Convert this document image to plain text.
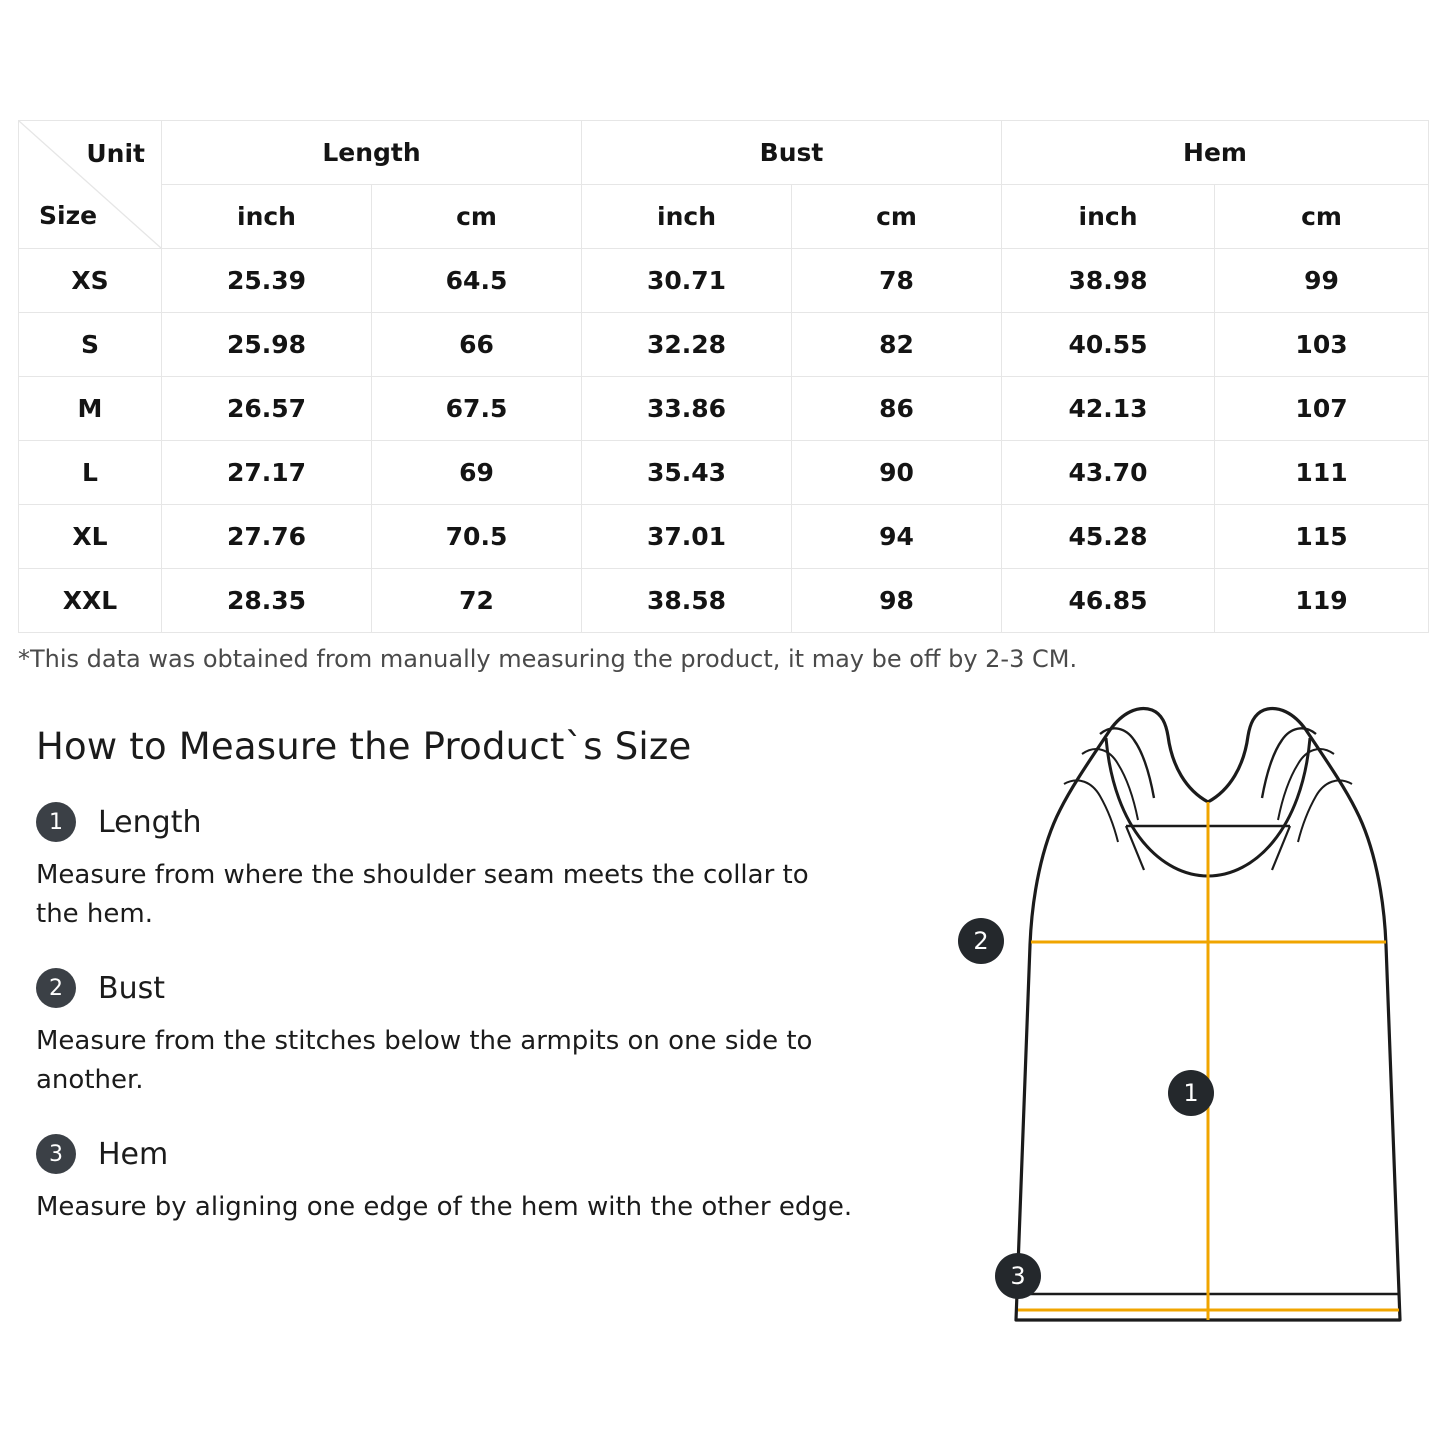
Unit
Size	Length		Bust		Hem	
	inch	cm	inch	cm	inch	cm
XS	25.39	64.5	30.71	78	38.98	99
S	25.98	66	32.28	82	40.55	103
M	26.57	67.5	33.86	86	42.13	107
L	27.17	69	35.43	90	43.70	111
XL	27.76	70.5	37.01	94	45.28	115
XXL	28.35	72	38.58	98	46.85	119
*This data was obtained from manually measuring the product, it may be off by 2-3 CM.
How to Measure the Product`s Size
1	Length

Measure from where the shoulder seam meets the collar to the hem.

2	Bust

Measure from the stitches below the armpits on one side to another.

3	Hem

Measure by aligning one edge of the hem with the other edge.

2
1
3
